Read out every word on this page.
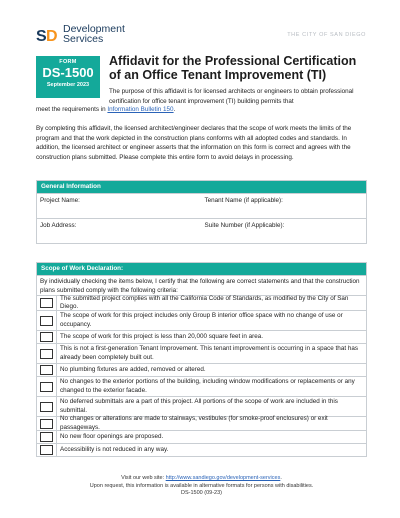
S D Development
Services	THE CITY OF SAN DIEGO
FORM
DS-1500
September 2023
Affidavit for the Professional Certification of an Office Tenant Improvement (TI)
The purpose of this affidavit is for licensed architects or engineers to obtain professional certification for office tenant improvement (TI) building permits that
meet the requirements in Information Bulletin 150.
By completing this affidavit, the licensed architect/engineer declares that the scope of work meets the limits of the program and that the work depicted in the construction plans conforms with all adopted codes and standards. In addition, the licensed architect or engineer asserts that the information on this form is correct and agrees with the construction plans submitted. Please complete this entire form to avoid delays in processing.
General Information
Project Name:	Tenant Name (if applicable):
Job Address:	Suite Number (if Applicable):
Scope of Work Declaration:
By individually checking the items below, I certify that the following are correct statements and that the construction plans submitted comply with the following criteria:
The submitted project complies with all the California Code of Standards, as modified by the City of San Diego.
The scope of work for this project includes only Group B interior office space with no change of use or occupancy.
The scope of work for this project is less than 20,000 square feet in area.
This is not a first-generation Tenant Improvement. This tenant improvement is occurring in a space that has already been completely built out.
No plumbing fixtures are added, removed or altered.
No changes to the exterior portions of the building, including window modifications or replacements or any changed to the exterior facade.
No deferred submittals are a part of this project. All portions of the scope of work are included in this submittal.
No changes or alterations are made to stairways, vestibules (for smoke-proof enclosures) or exit passageways.
No new floor openings are proposed.
Accessibility is not reduced in any way.
Visit our web site: http://www.sandiego.gov/development-services.
Upon request, this information is available in alternative formats for persons with disabilities.
DS-1500 (09-23)
